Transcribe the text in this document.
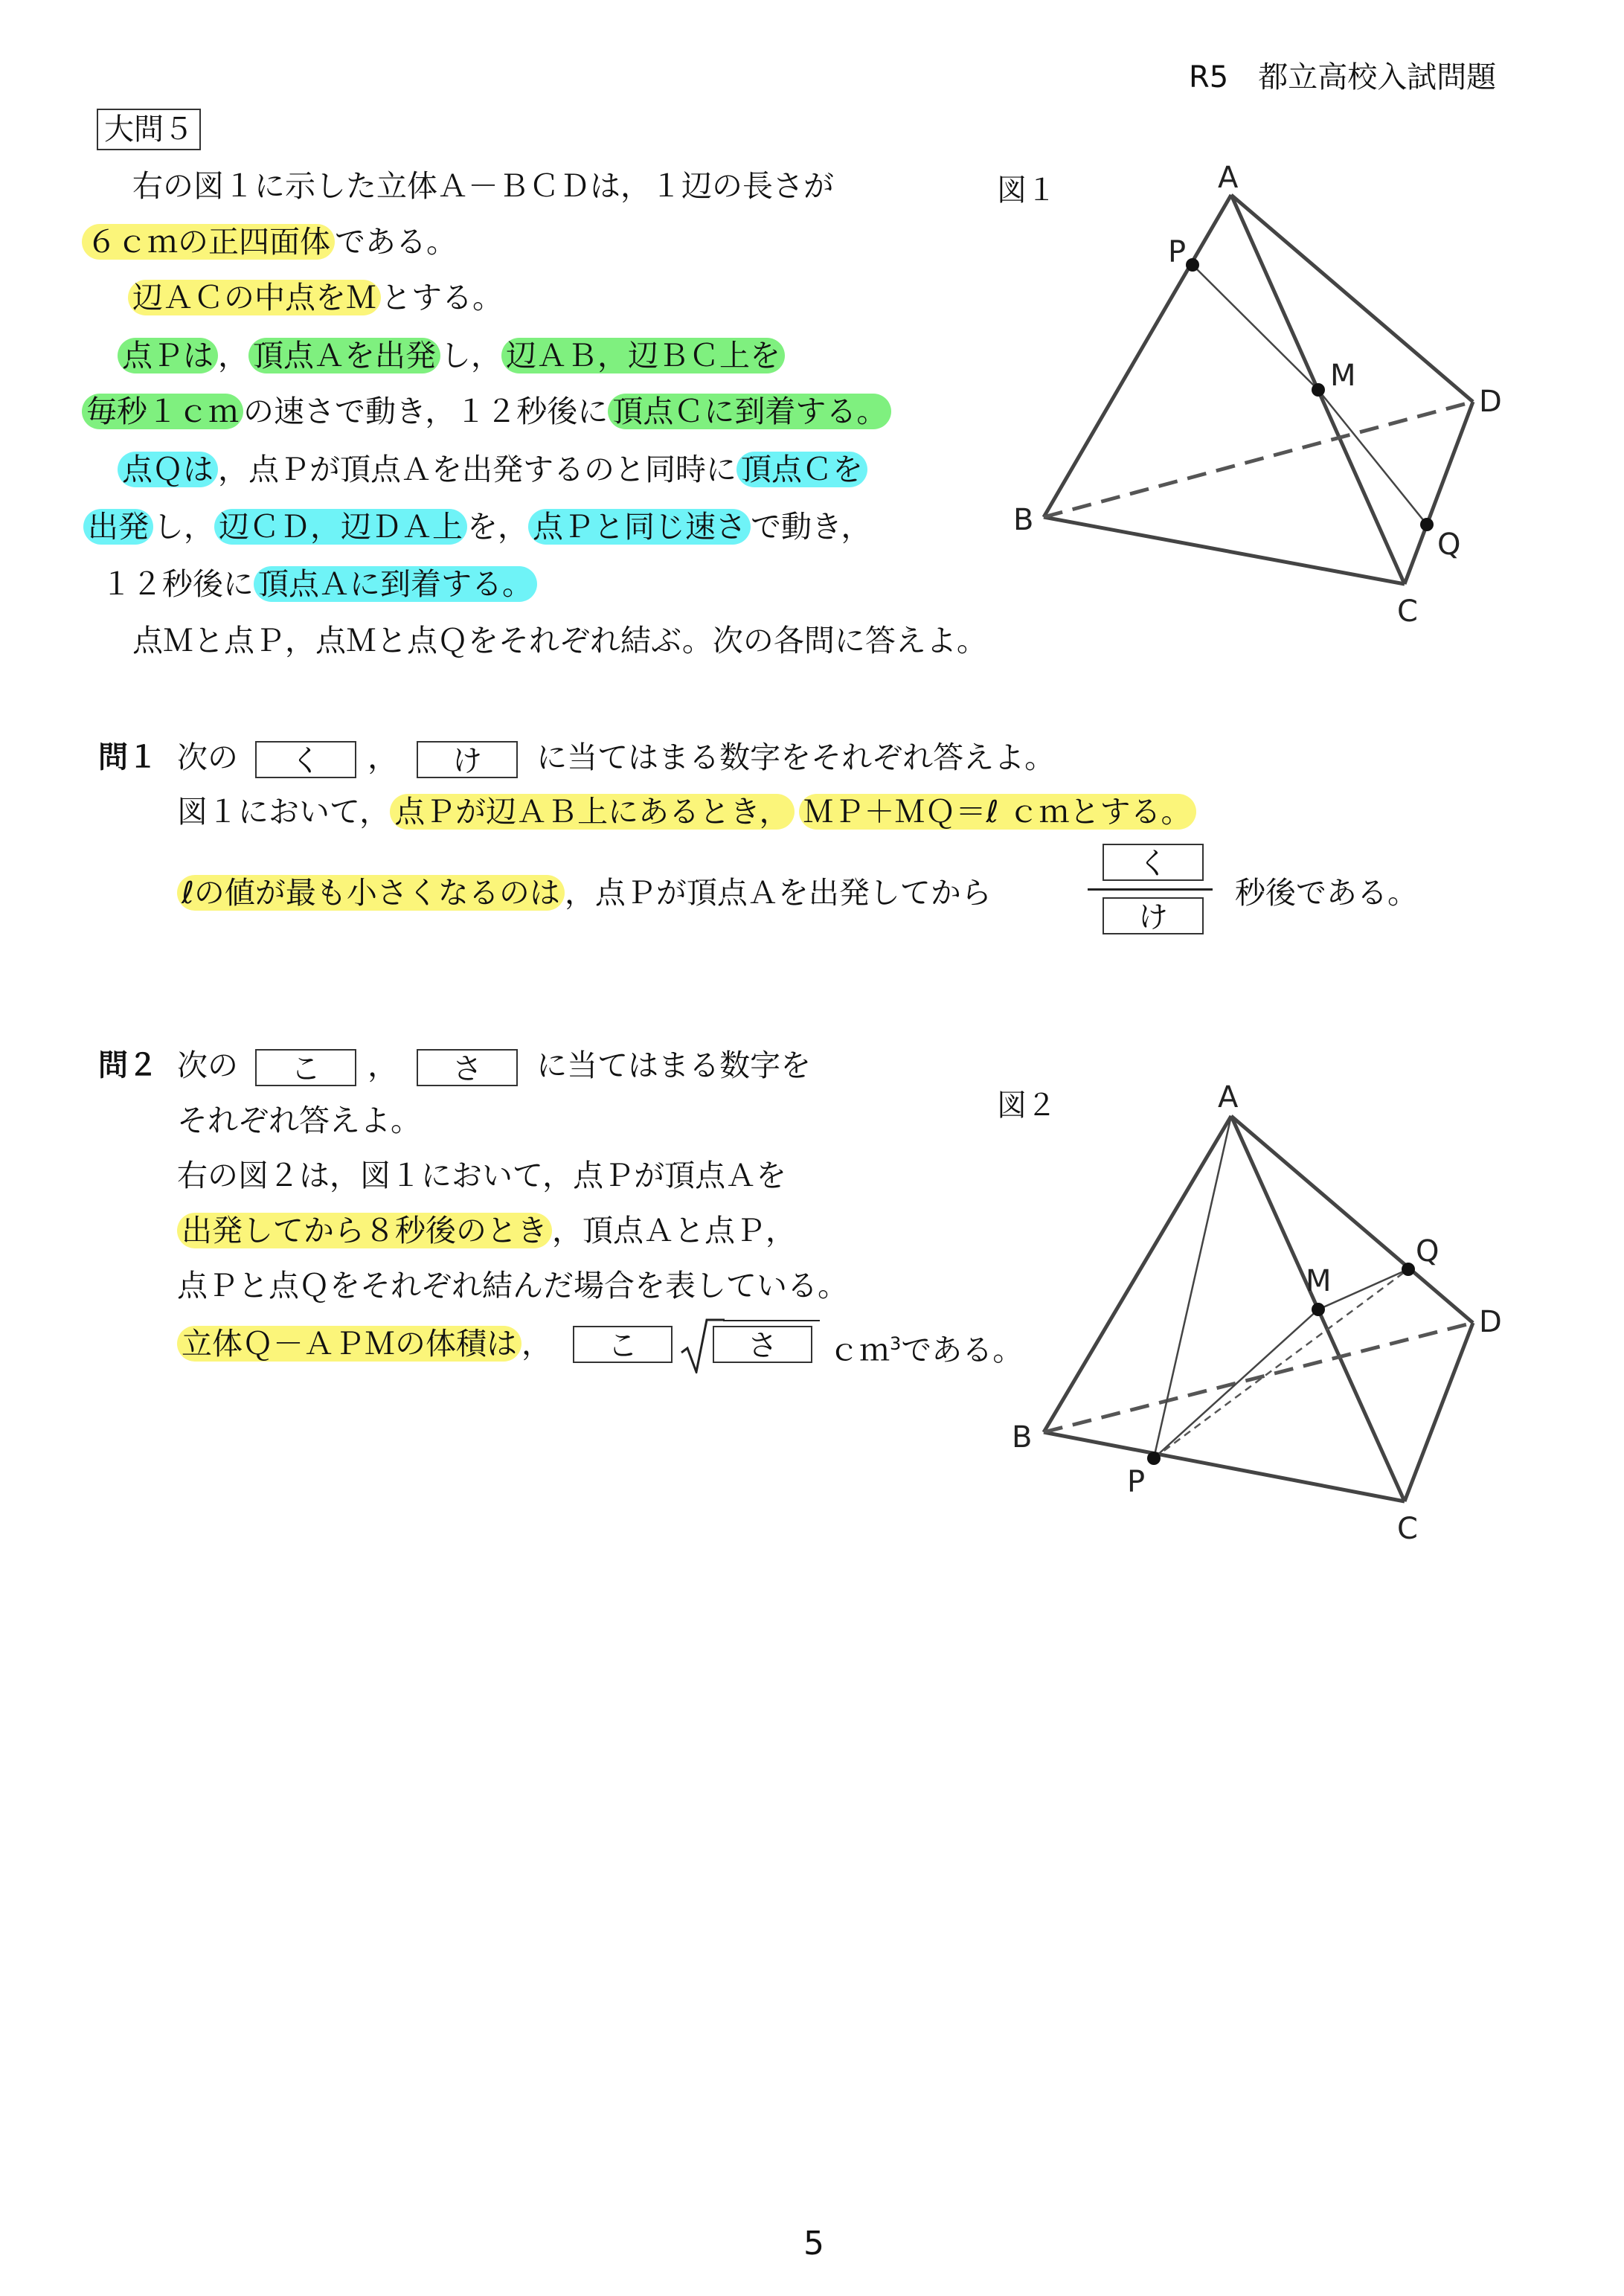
R5　都立高校入試問題
大問５
右の図１に示した立体Ａ－ＢＣＤは，１辺の長さが
６ｃｍの正四面体 である。
辺ＡＣの中点をＭ とする。
点Ｐは ， 頂点Ａを出発 し， 辺ＡＢ，辺ＢＣ上を
毎秒１ｃｍ の速さで動き，１２秒後に 頂点Ｃに到着する。
点Ｑは ，点Ｐが頂点Ａを出発するのと同時に 頂点Ｃを
出発 し， 辺ＣＤ，辺ＤＡ上 を， 点Ｐと同じ速さ で動き，
１２秒後に 頂点Ａに到着する。
点Ｍと点Ｐ，点Ｍと点Ｑをそれぞれ結ぶ。次の各問に答えよ。
図１	A
B
C
D
P
M
Q
問１ 次の く ， け に当てはまる数字をそれぞれ答えよ。
図１において， 点Ｐが辺ＡＢ上にあるとき， ＭＰ＋ＭＱ＝ℓ ｃｍとする。
ℓの値が最も小さくなるのは ，点Ｐが頂点Ａを出発してから
く
け
秒後である。
問２ 次の こ ， さ に当てはまる数字を
それぞれ答えよ。
右の図２は，図１において，点Ｐが頂点Ａを
出発してから８秒後のとき ，頂点Ａと点Ｐ，
点Ｐと点Ｑをそれぞれ結んだ場合を表している。
立体Ｑ－ＡＰＭの体積は ，	こ	さ	ｃｍ$^3$である。
図２	A
B
C
D
P
M
Q
5
